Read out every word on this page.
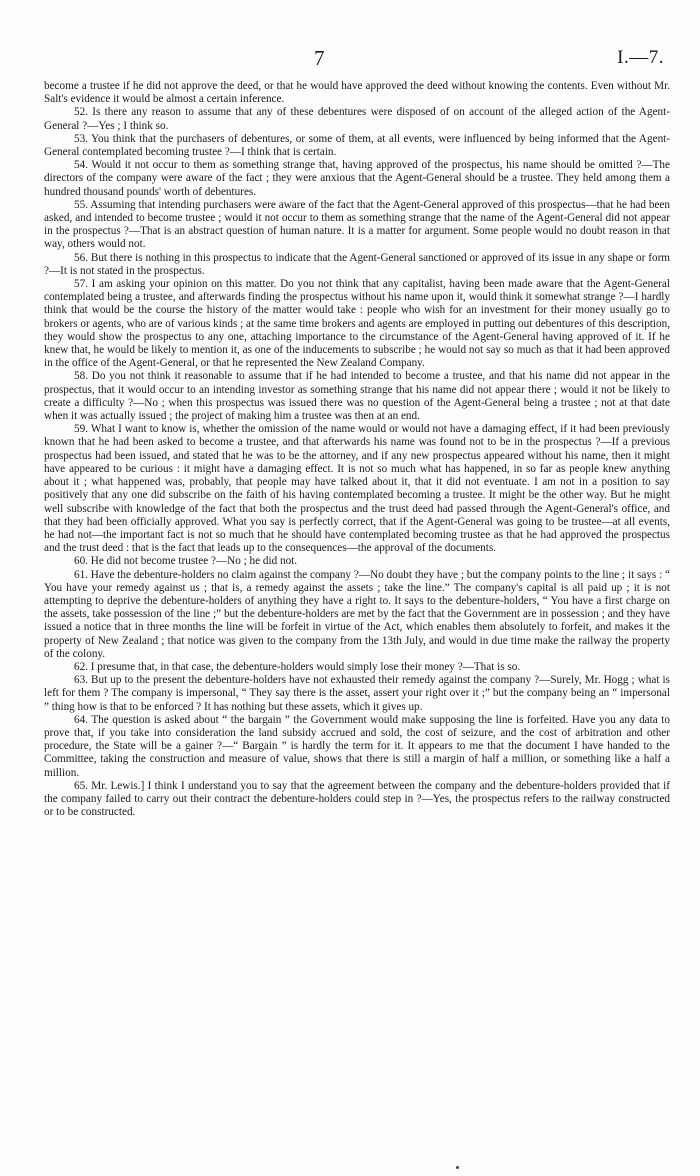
7	I.—7.

become a trustee if he did not approve the deed, or that he would have approved the deed without knowing the contents. Even without Mr. Salt's evidence it would be almost a certain inference.

52. Is there any reason to assume that any of these debentures were disposed of on account of the alleged action of the Agent-General ?—Yes ; I think so.

53. You think that the purchasers of debentures, or some of them, at all events, were influenced by being informed that the Agent-General contemplated becoming trustee ?—I think that is certain.

54. Would it not occur to them as something strange that, having approved of the prospectus, his name should be omitted ?—The directors of the company were aware of the fact ; they were anxious that the Agent-General should be a trustee. They held among them a hundred thousand pounds' worth of debentures.

55. Assuming that intending purchasers were aware of the fact that the Agent-General approved of this prospectus—that he had been asked, and intended to become trustee ; would it not occur to them as something strange that the name of the Agent-General did not appear in the prospectus ?—That is an abstract question of human nature. It is a matter for argument. Some people would no doubt reason in that way, others would not.

56. But there is nothing in this prospectus to indicate that the Agent-General sanctioned or approved of its issue in any shape or form ?—It is not stated in the prospectus.

57. I am asking your opinion on this matter. Do you not think that any capitalist, having been made aware that the Agent-General contemplated being a trustee, and afterwards finding the prospectus without his name upon it, would think it somewhat strange ?—I hardly think that would be the course the history of the matter would take : people who wish for an investment for their money usually go to brokers or agents, who are of various kinds ; at the same time brokers and agents are employed in putting out debentures of this description, they would show the prospectus to any one, attaching importance to the circumstance of the Agent-General having approved of it. If he knew that, he would be likely to mention it, as one of the inducements to subscribe ; he would not say so much as that it had been approved in the office of the Agent-General, or that he represented the New Zealand Company.

58. Do you not think it reasonable to assume that if he had intended to become a trustee, and that his name did not appear in the prospectus, that it would occur to an intending investor as something strange that his name did not appear there ; would it not be likely to create a difficulty ?—No ; when this prospectus was issued there was no question of the Agent-General being a trustee ; not at that date when it was actually issued ; the project of making him a trustee was then at an end.

59. What I want to know is, whether the omission of the name would or would not have a damaging effect, if it had been previously known that he had been asked to become a trustee, and that afterwards his name was found not to be in the prospectus ?—If a previous prospectus had been issued, and stated that he was to be the attorney, and if any new prospectus appeared without his name, then it might have appeared to be curious : it might have a damaging effect. It is not so much what has happened, in so far as people knew anything about it ; what happened was, probably, that people may have talked about it, that it did not eventuate. I am not in a position to say positively that any one did subscribe on the faith of his having contemplated becoming a trustee. It might be the other way. But he might well subscribe with knowledge of the fact that both the prospectus and the trust deed had passed through the Agent-General's office, and that they had been officially approved. What you say is perfectly correct, that if the Agent-General was going to be trustee—at all events, he had not—the important fact is not so much that he should have contemplated becoming trustee as that he had approved the prospectus and the trust deed : that is the fact that leads up to the consequences—the approval of the documents.

60. He did not become trustee ?—No ; he did not.

61. Have the debenture-holders no claim against the company ?—No doubt they have ; but the company points to the line ; it says : “ You have your remedy against us ; that is, a remedy against the assets ; take the line.” The company's capital is all paid up ; it is not attempting to deprive the debenture-holders of anything they have a right to. It says to the debenture-holders, “ You have a first charge on the assets, take possession of the line ;” but the debenture-holders are met by the fact that the Government are in possession ; and they have issued a notice that in three months the line will be forfeit in virtue of the Act, which enables them absolutely to forfeit, and makes it the property of New Zealand ; that notice was given to the company from the 13th July, and would in due time make the railway the property of the colony.

62. I presume that, in that case, the debenture-holders would simply lose their money ?—That is so.

63. But up to the present the debenture-holders have not exhausted their remedy against the company ?—Surely, Mr. Hogg ; what is left for them ? The company is impersonal, “ They say there is the asset, assert your right over it ;” but the company being an “ impersonal ” thing how is that to be enforced ? It has nothing but these assets, which it gives up.

64. The question is asked about “ the bargain ” the Government would make supposing the line is forfeited. Have you any data to prove that, if you take into consideration the land subsidy accrued and sold, the cost of seizure, and the cost of arbitration and other procedure, the State will be a gainer ?—“ Bargain ” is hardly the term for it. It appears to me that the document I have handed to the Committee, taking the construction and measure of value, shows that there is still a margin of half a million, or something like a half a million.

65. Mr. Lewis.] I think I understand you to say that the agreement between the company and the debenture-holders provided that if the company failed to carry out their contract the debenture-holders could step in ?—Yes, the prospectus refers to the railway constructed or to be constructed.
